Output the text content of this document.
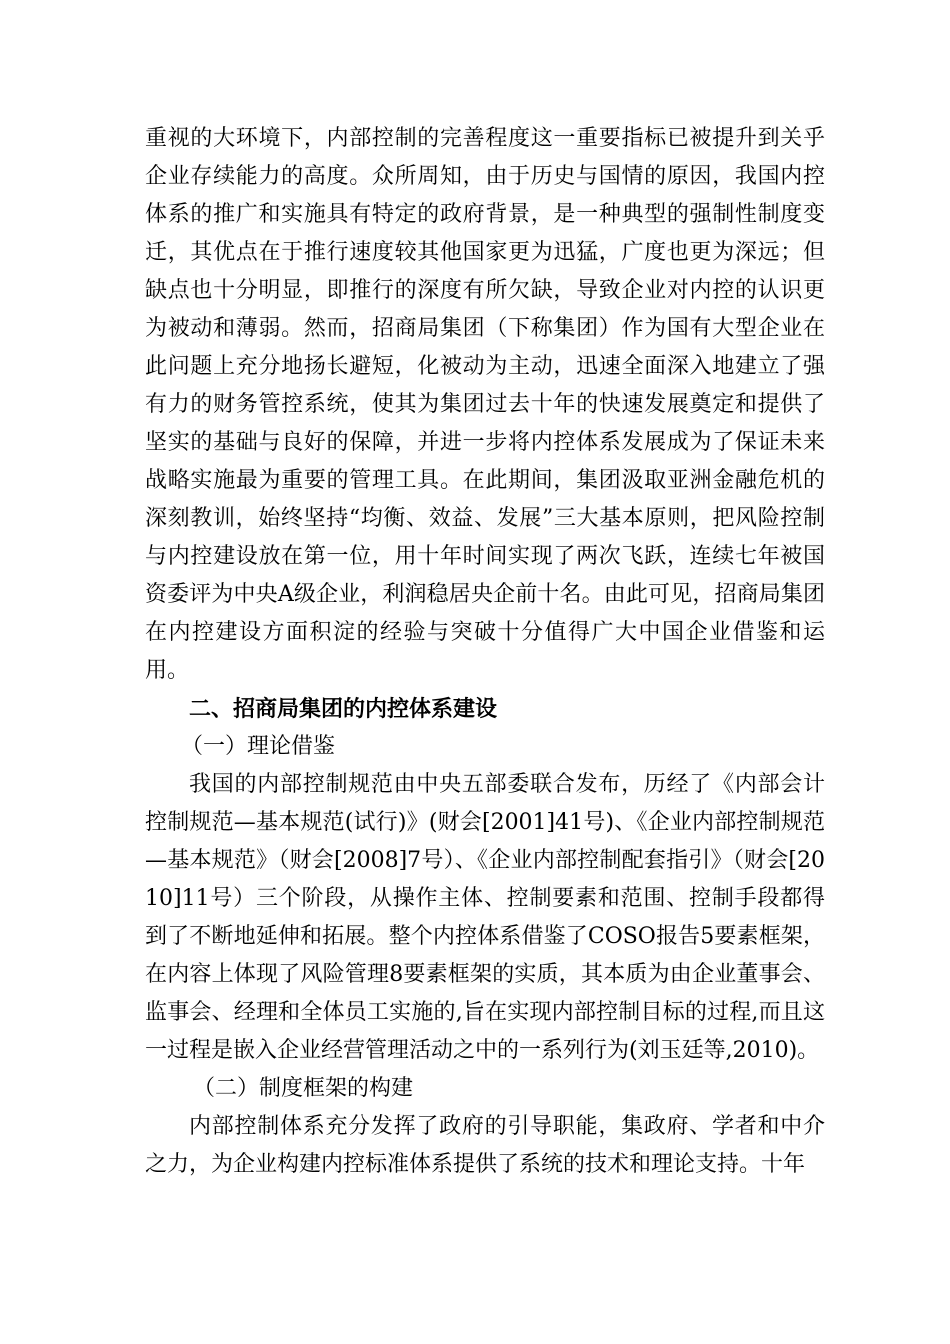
重视的大环境下，内部控制的完善程度这一重要指标已被提升到关乎企业存续能力的高度。众所周知，由于历史与国情的原因，我国内控体系的推广和实施具有特定的政府背景，是一种典型的强制性制度变迁，其优点在于推行速度较其他国家更为迅猛，广度也更为深远；但缺点也十分明显，即推行的深度有所欠缺，导致企业对内控的认识更为被动和薄弱。然而，招商局集团（下称集团）作为国有大型企业在此问题上充分地扬长避短，化被动为主动，迅速全面深入地建立了强有力的财务管控系统，使其为集团过去十年的快速发展奠定和提供了坚实的基础与良好的保障，并进一步将内控体系发展成为了保证未来战略实施最为重要的管理工具。在此期间，集团汲取亚洲金融危机的深刻教训，始终坚持“均衡、效益、发展”三大基本原则，把风险控制与内控建设放在第一位，用十年时间实现了两次飞跃，连续七年被国资委评为中央A级企业，利润稳居央企前十名。由此可见，招商局集团在内控建设方面积淀的经验与突破十分值得广大中国企业借鉴和运用。

二、招商局集团的内控体系建设

（一）理论借鉴

我国的内部控制规范由中央五部委联合发布，历经了《内部会计控制规范—基本规范(试行)》(财会[2001]41号)、《企业内部控制规范—基本规范》（财会[2008]7号）、《企业内部控制配套指引》（财会[2010]11号）三个阶段，从操作主体、控制要素和范围、控制手段都得到了不断地延伸和拓展。整个内控体系借鉴了COSO报告5要素框架，在内容上体现了风险管理8要素框架的实质，其本质为由企业董事会、监事会、经理和全体员工实施的,旨在实现内部控制目标的过程,而且这一过程是嵌入企业经营管理活动之中的一系列行为(刘玉廷等,2010)。

（二）制度框架的构建

内部控制体系充分发挥了政府的引导职能，集政府、学者和中介之力，为企业构建内控标准体系提供了系统的技术和理论支持。十年
